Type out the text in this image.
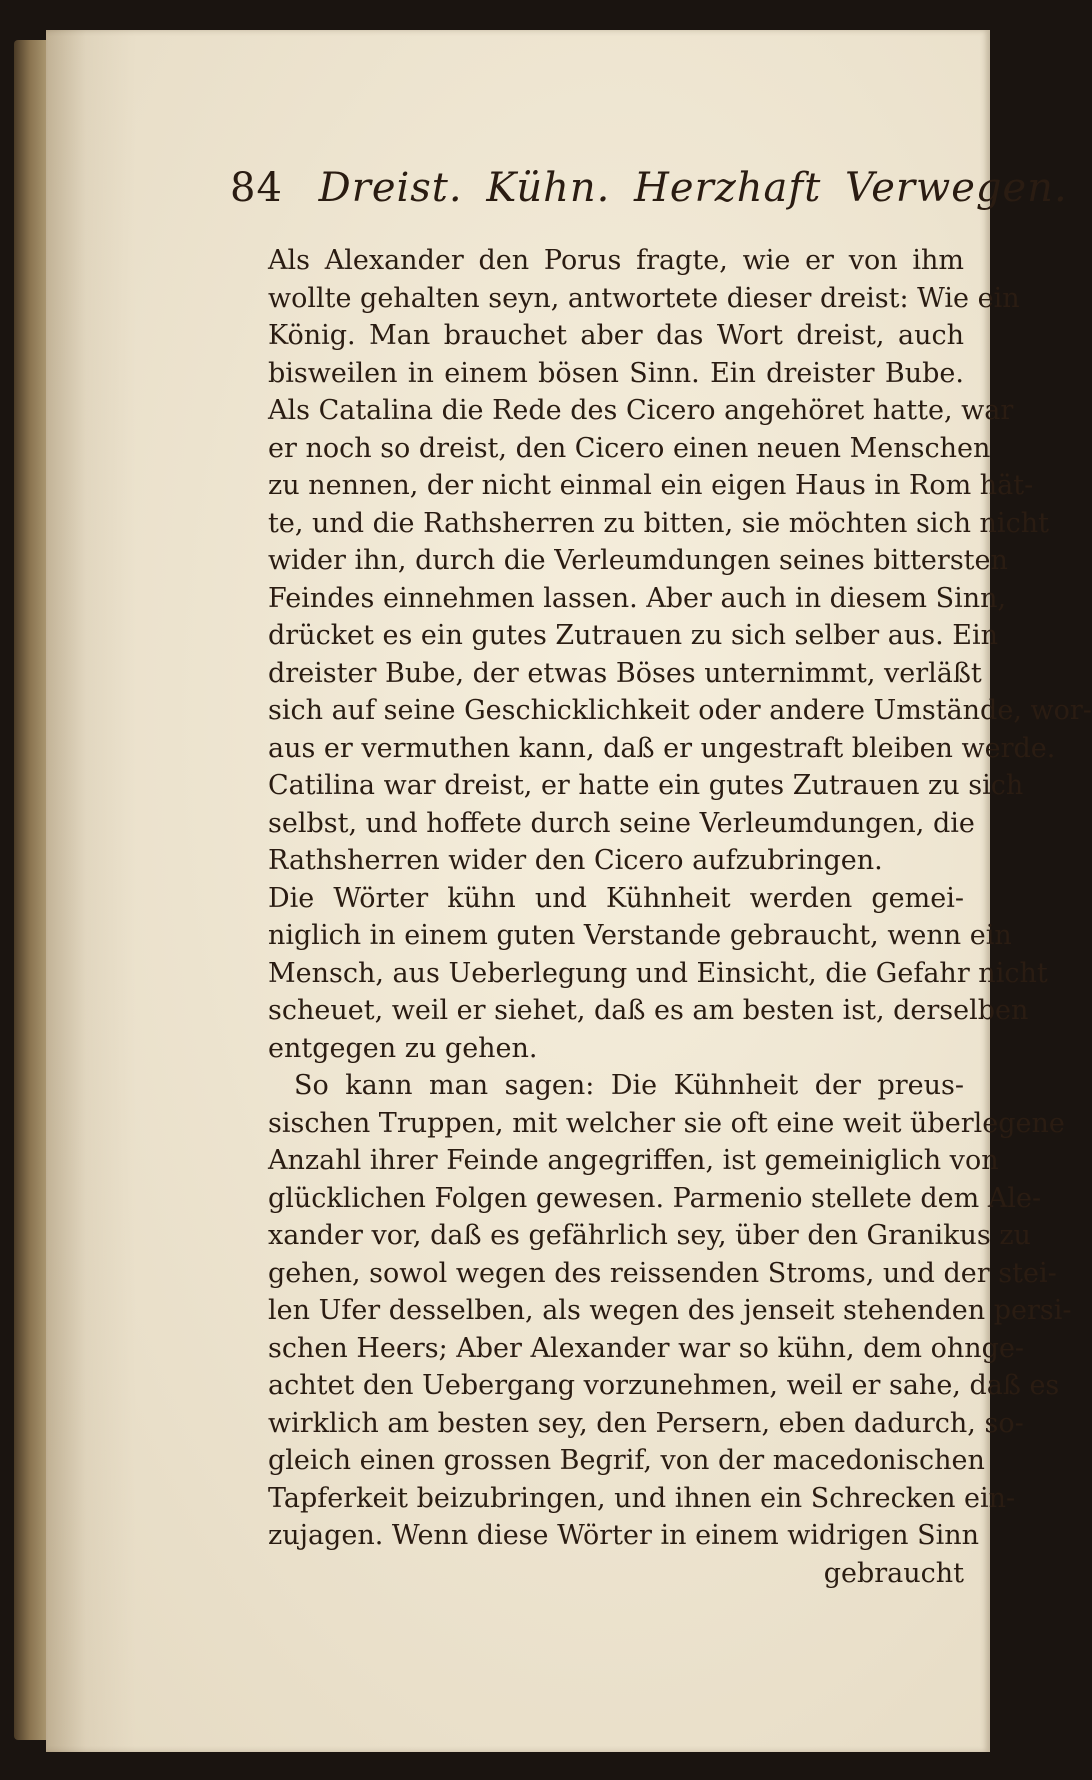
84 Dreist. Kühn. Herzhaft Verwegen.
Als Alexander den Porus fragte, wie er von ihm
wollte gehalten seyn, antwortete dieser dreist: Wie ein
König. Man brauchet aber das Wort dreist, auch
bisweilen in einem bösen Sinn. Ein dreister Bube.
Als Catalina die Rede des Cicero angehöret hatte, war
er noch so dreist, den Cicero einen neuen Menschen
zu nennen, der nicht einmal ein eigen Haus in Rom hät-
te, und die Rathsherren zu bitten, sie möchten sich nicht
wider ihn, durch die Verleumdungen seines bittersten
Feindes einnehmen lassen. Aber auch in diesem Sinn,
drücket es ein gutes Zutrauen zu sich selber aus. Ein
dreister Bube, der etwas Böses unternimmt, verläßt
sich auf seine Geschicklichkeit oder andere Umstände, wor-
aus er vermuthen kann, daß er ungestraft bleiben werde.
Catilina war dreist, er hatte ein gutes Zutrauen zu sich
selbst, und hoffete durch seine Verleumdungen, die
Rathsherren wider den Cicero aufzubringen.
Die Wörter kühn und Kühnheit werden gemei-
niglich in einem guten Verstande gebraucht, wenn ein
Mensch, aus Ueberlegung und Einsicht, die Gefahr nicht
scheuet, weil er siehet, daß es am besten ist, derselben
entgegen zu gehen.
So kann man sagen: Die Kühnheit der preus-
sischen Truppen, mit welcher sie oft eine weit überlegene
Anzahl ihrer Feinde angegriffen, ist gemeiniglich von
glücklichen Folgen gewesen. Parmenio stellete dem Ale-
xander vor, daß es gefährlich sey, über den Granikus zu
gehen, sowol wegen des reissenden Stroms, und der stei-
len Ufer desselben, als wegen des jenseit stehenden persi-
schen Heers; Aber Alexander war so kühn, dem ohnge-
achtet den Uebergang vorzunehmen, weil er sahe, daß es
wirklich am besten sey, den Persern, eben dadurch, so-
gleich einen grossen Begrif, von der macedonischen
Tapferkeit beizubringen, und ihnen ein Schrecken ein-
zujagen. Wenn diese Wörter in einem widrigen Sinn
gebraucht
